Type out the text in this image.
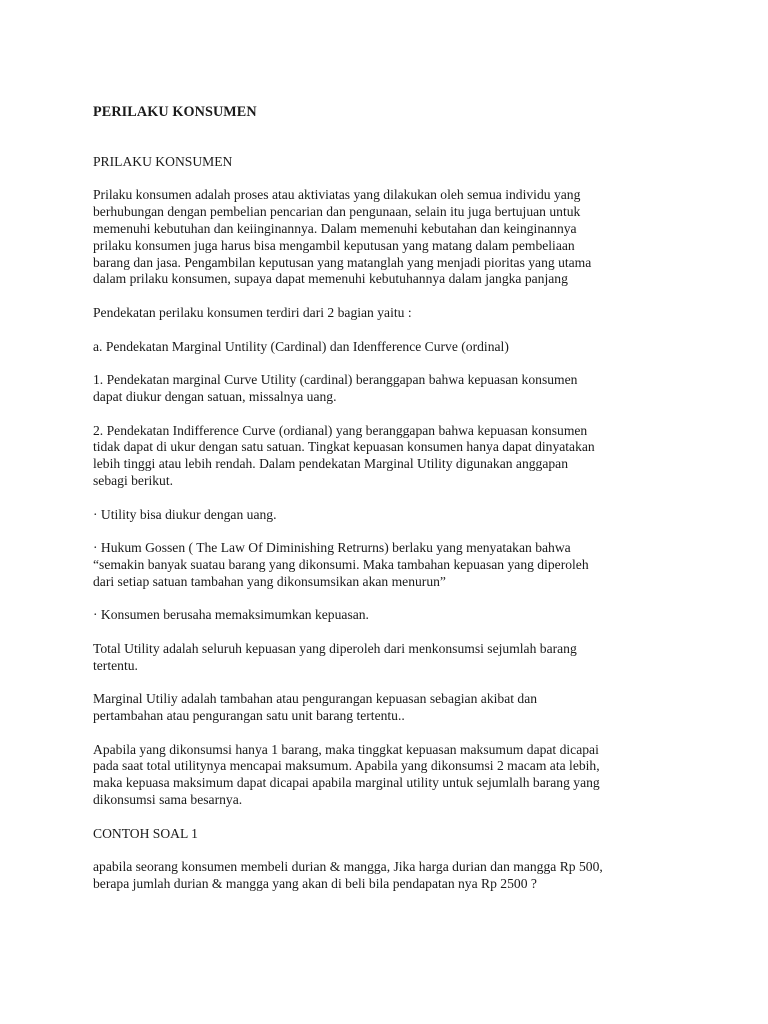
PERILAKU KONSUMEN
PRILAKU KONSUMEN
Prilaku konsumen adalah proses atau aktiviatas yang dilakukan oleh semua individu yang
berhubungan dengan pembelian pencarian dan pengunaan, selain itu juga bertujuan untuk
memenuhi kebutuhan dan keiinginannya. Dalam memenuhi kebutahan dan keinginannya
prilaku konsumen juga harus bisa mengambil keputusan yang matang dalam pembeliaan
barang dan jasa. Pengambilan keputusan yang matanglah yang menjadi pioritas yang utama
dalam prilaku konsumen, supaya dapat memenuhi kebutuhannya dalam jangka panjang
Pendekatan perilaku konsumen terdiri dari 2 bagian yaitu :
a. Pendekatan Marginal Untility (Cardinal) dan Idenfference Curve (ordinal)
1. Pendekatan marginal Curve Utility (cardinal) beranggapan bahwa kepuasan konsumen
dapat diukur dengan satuan, missalnya uang.
2. Pendekatan Indifference Curve (ordianal) yang beranggapan bahwa kepuasan konsumen
tidak dapat di ukur dengan satu satuan. Tingkat kepuasan konsumen hanya dapat dinyatakan
lebih tinggi atau lebih rendah. Dalam pendekatan Marginal Utility digunakan anggapan
sebagi berikut.
· Utility bisa diukur dengan uang.
· Hukum Gossen ( The Law Of Diminishing Retrurns) berlaku yang menyatakan bahwa
“semakin banyak suatau barang yang dikonsumi. Maka tambahan kepuasan yang diperoleh
dari setiap satuan tambahan yang dikonsumsikan akan menurun”
· Konsumen berusaha memaksimumkan kepuasan.
Total Utility adalah seluruh kepuasan yang diperoleh dari menkonsumsi sejumlah barang
tertentu.
Marginal Utiliy adalah tambahan atau pengurangan kepuasan sebagian akibat dan
pertambahan atau pengurangan satu unit barang tertentu..
Apabila yang dikonsumsi hanya 1 barang, maka tinggkat kepuasan maksumum dapat dicapai
pada saat total utilitynya mencapai maksumum. Apabila yang dikonsumsi 2 macam ata lebih,
maka kepuasa maksimum dapat dicapai apabila marginal utility untuk sejumlalh barang yang
dikonsumsi sama besarnya.
CONTOH SOAL 1
apabila seorang konsumen membeli durian & mangga, Jika harga durian dan mangga Rp 500,
berapa jumlah durian & mangga yang akan di beli bila pendapatan nya Rp 2500 ?
